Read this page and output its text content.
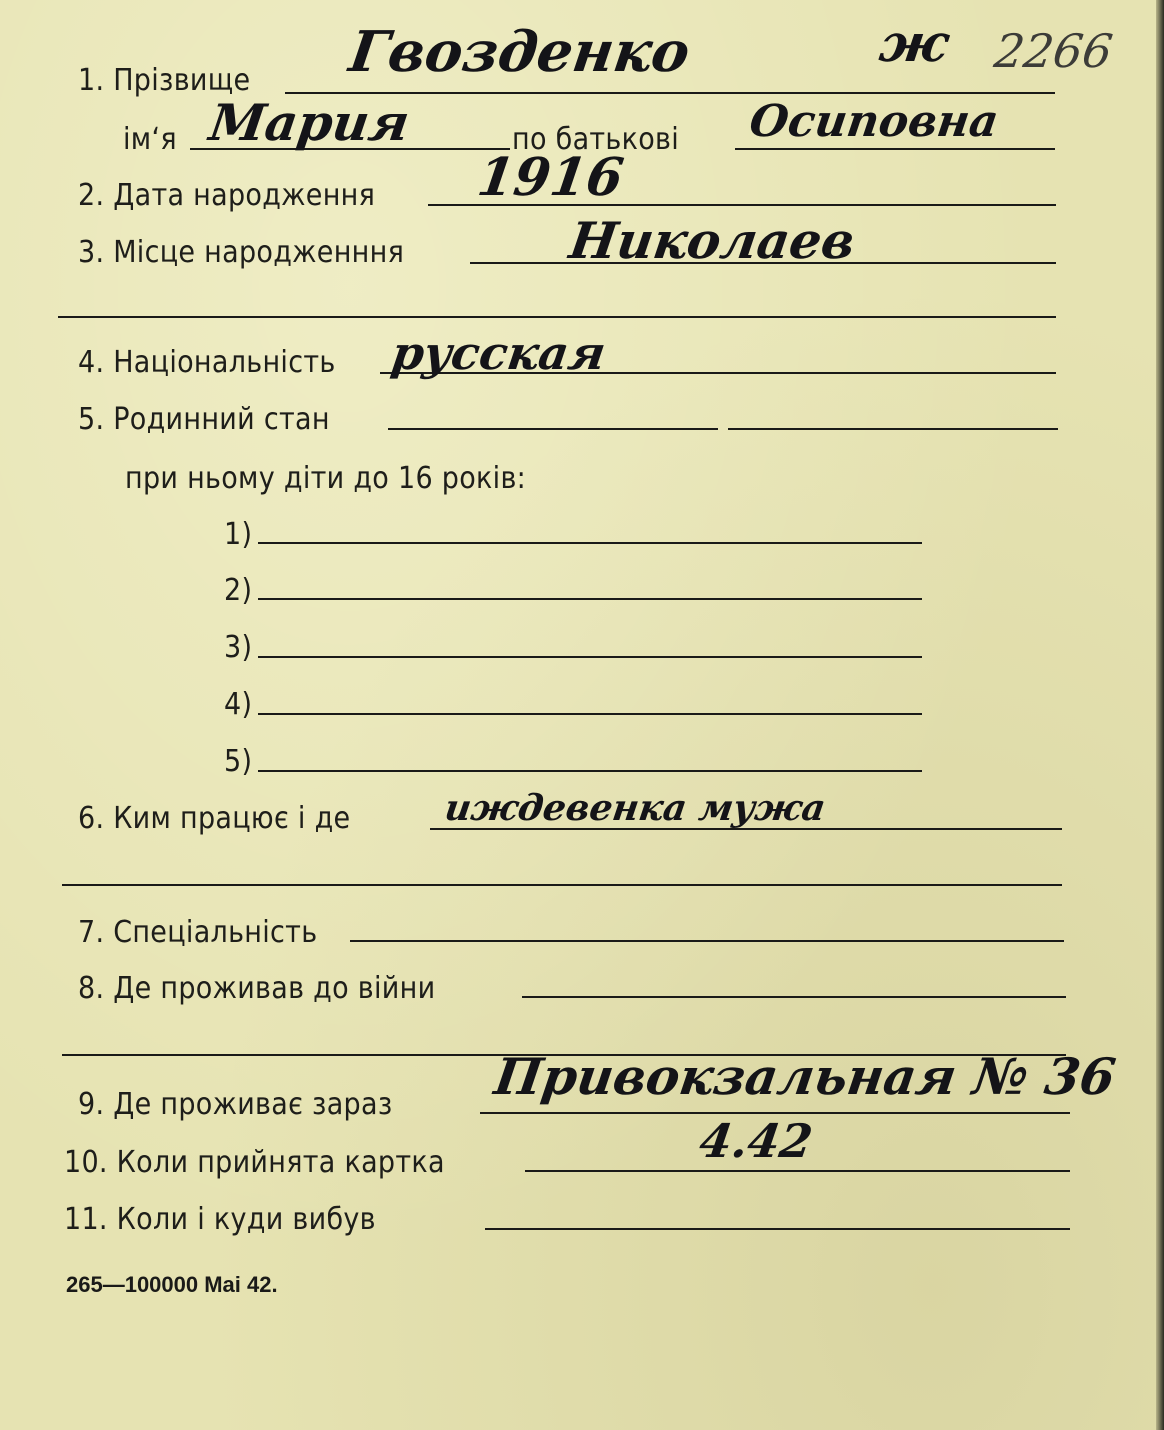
ж 2266
1. Прізвище Гвозденко
ім‘я Мария	по батькові Осиповна
2. Дата народження 1916
3. Місце народженння	Николаев
4. Національність русская
5. Родинний стан
при ньому діти до 16 років:
1)
2)
3)
4)
5)
6. Ким працює і де	иждевенка мужа
7. Спеціальність
8. Де проживав до війни
9. Де проживає зараз Привокзальная № 36
10. Коли прийнята картка	4.42
11. Коли і куди вибув
265—100000 Mai 42.
